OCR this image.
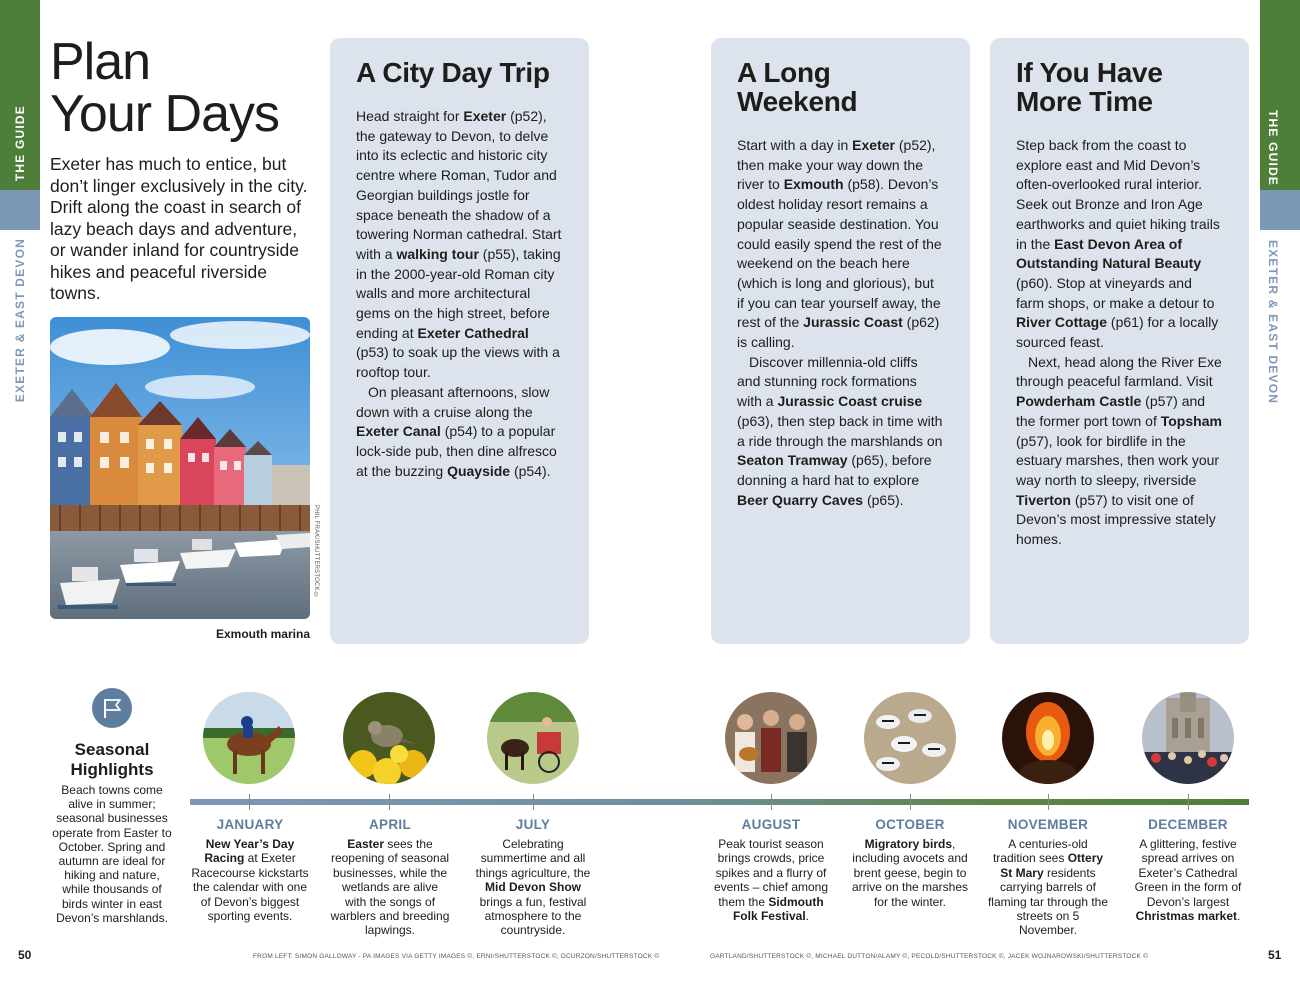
THE GUIDE
EXETER & EAST DEVON
THE GUIDE
EXETER & EAST DEVON
Plan
Your Days
Exeter has much to entice, but don’t linger exclusively in the city. Drift along the coast in search of lazy beach days and adventure, or wander inland for countryside hikes and peaceful riverside towns.
PHIL FRAK/SHUTTERSTOCK ©
Exmouth marina
A City Day Trip

Head straight for Exeter (p52), the gateway to Devon, to delve into its eclectic and historic city centre where Roman, Tudor and Georgian buildings jostle for space beneath the shadow of a towering Norman cathedral. Start with a walking tour (p55), taking in the 2000-year-old Roman city walls and more architectural gems on the high street, before ending at Exeter Cathedral (p53) to soak up the views with a rooftop tour.

On pleasant afternoons, slow down with a cruise along the Exeter Canal (p54) to a popular lock-side pub, then dine alfresco at the buzzing Quayside (p54).

A Long
Weekend

Start with a day in Exeter (p52), then make your way down the river to Exmouth (p58). Devon’s oldest holiday resort remains a popular seaside destination. You could easily spend the rest of the weekend on the beach here (which is long and glorious), but if you can tear yourself away, the rest of the Jurassic Coast (p62) is calling.

Discover millennia-old cliffs and stunning rock formations with a Jurassic Coast cruise (p63), then step back in time with a ride through the marshlands on Seaton Tramway (p65), before donning a hard hat to explore Beer Quarry Caves (p65).

If You Have
More Time

Step back from the coast to explore east and Mid Devon’s often-overlooked rural interior. Seek out Bronze and Iron Age earthworks and quiet hiking trails in the East Devon Area of Outstanding Natural Beauty (p60). Stop at vineyards and farm shops, or make a detour to River Cottage (p61) for a locally sourced feast.

Next, head along the River Exe through peaceful farmland. Visit Powderham Castle (p57) and the former port town of Topsham (p57), look for birdlife in the estuary marshes, then work your way north to sleepy, riverside Tiverton (p57) to visit one of Devon’s most impressive stately homes.

Seasonal
Highlights
Beach towns come alive in summer; seasonal businesses operate from Easter to October. Spring and autumn are ideal for hiking and nature, while thousands of birds winter in east Devon’s marshlands.
JANUARY
New Year’s Day Racing at Exeter Racecourse kickstarts the calendar with one of Devon’s biggest sporting events.
APRIL
Easter sees the reopening of seasonal businesses, while the wetlands are alive with the songs of warblers and breeding lapwings.
JULY
Celebrating summertime and all things agriculture, the Mid Devon Show brings a fun, festival atmosphere to the countryside.
AUGUST
Peak tourist season brings crowds, price spikes and a flurry of events – chief among them the Sidmouth Folk Festival.
OCTOBER
Migratory birds, including avocets and brent geese, begin to arrive on the marshes for the winter.
NOVEMBER
A centuries-old tradition sees Ottery St Mary residents carrying barrels of flaming tar through the streets on 5 November.
DECEMBER
A glittering, festive spread arrives on Exeter’s Cathedral Green in the form of Devon’s largest Christmas market.
50	51
FROM LEFT: SIMON GALLOWAY - PA IMAGES VIA GETTY IMAGES ©, ERNI/SHUTTERSTOCK ©, DCURZON/SHUTTERSTOCK ©	GARTLAND/SHUTTERSTOCK ©, MICHAEL DUTTON/ALAMY ©, PECOLD/SHUTTERSTOCK ©, JACEK WOJNAROWSKI/SHUTTERSTOCK ©
